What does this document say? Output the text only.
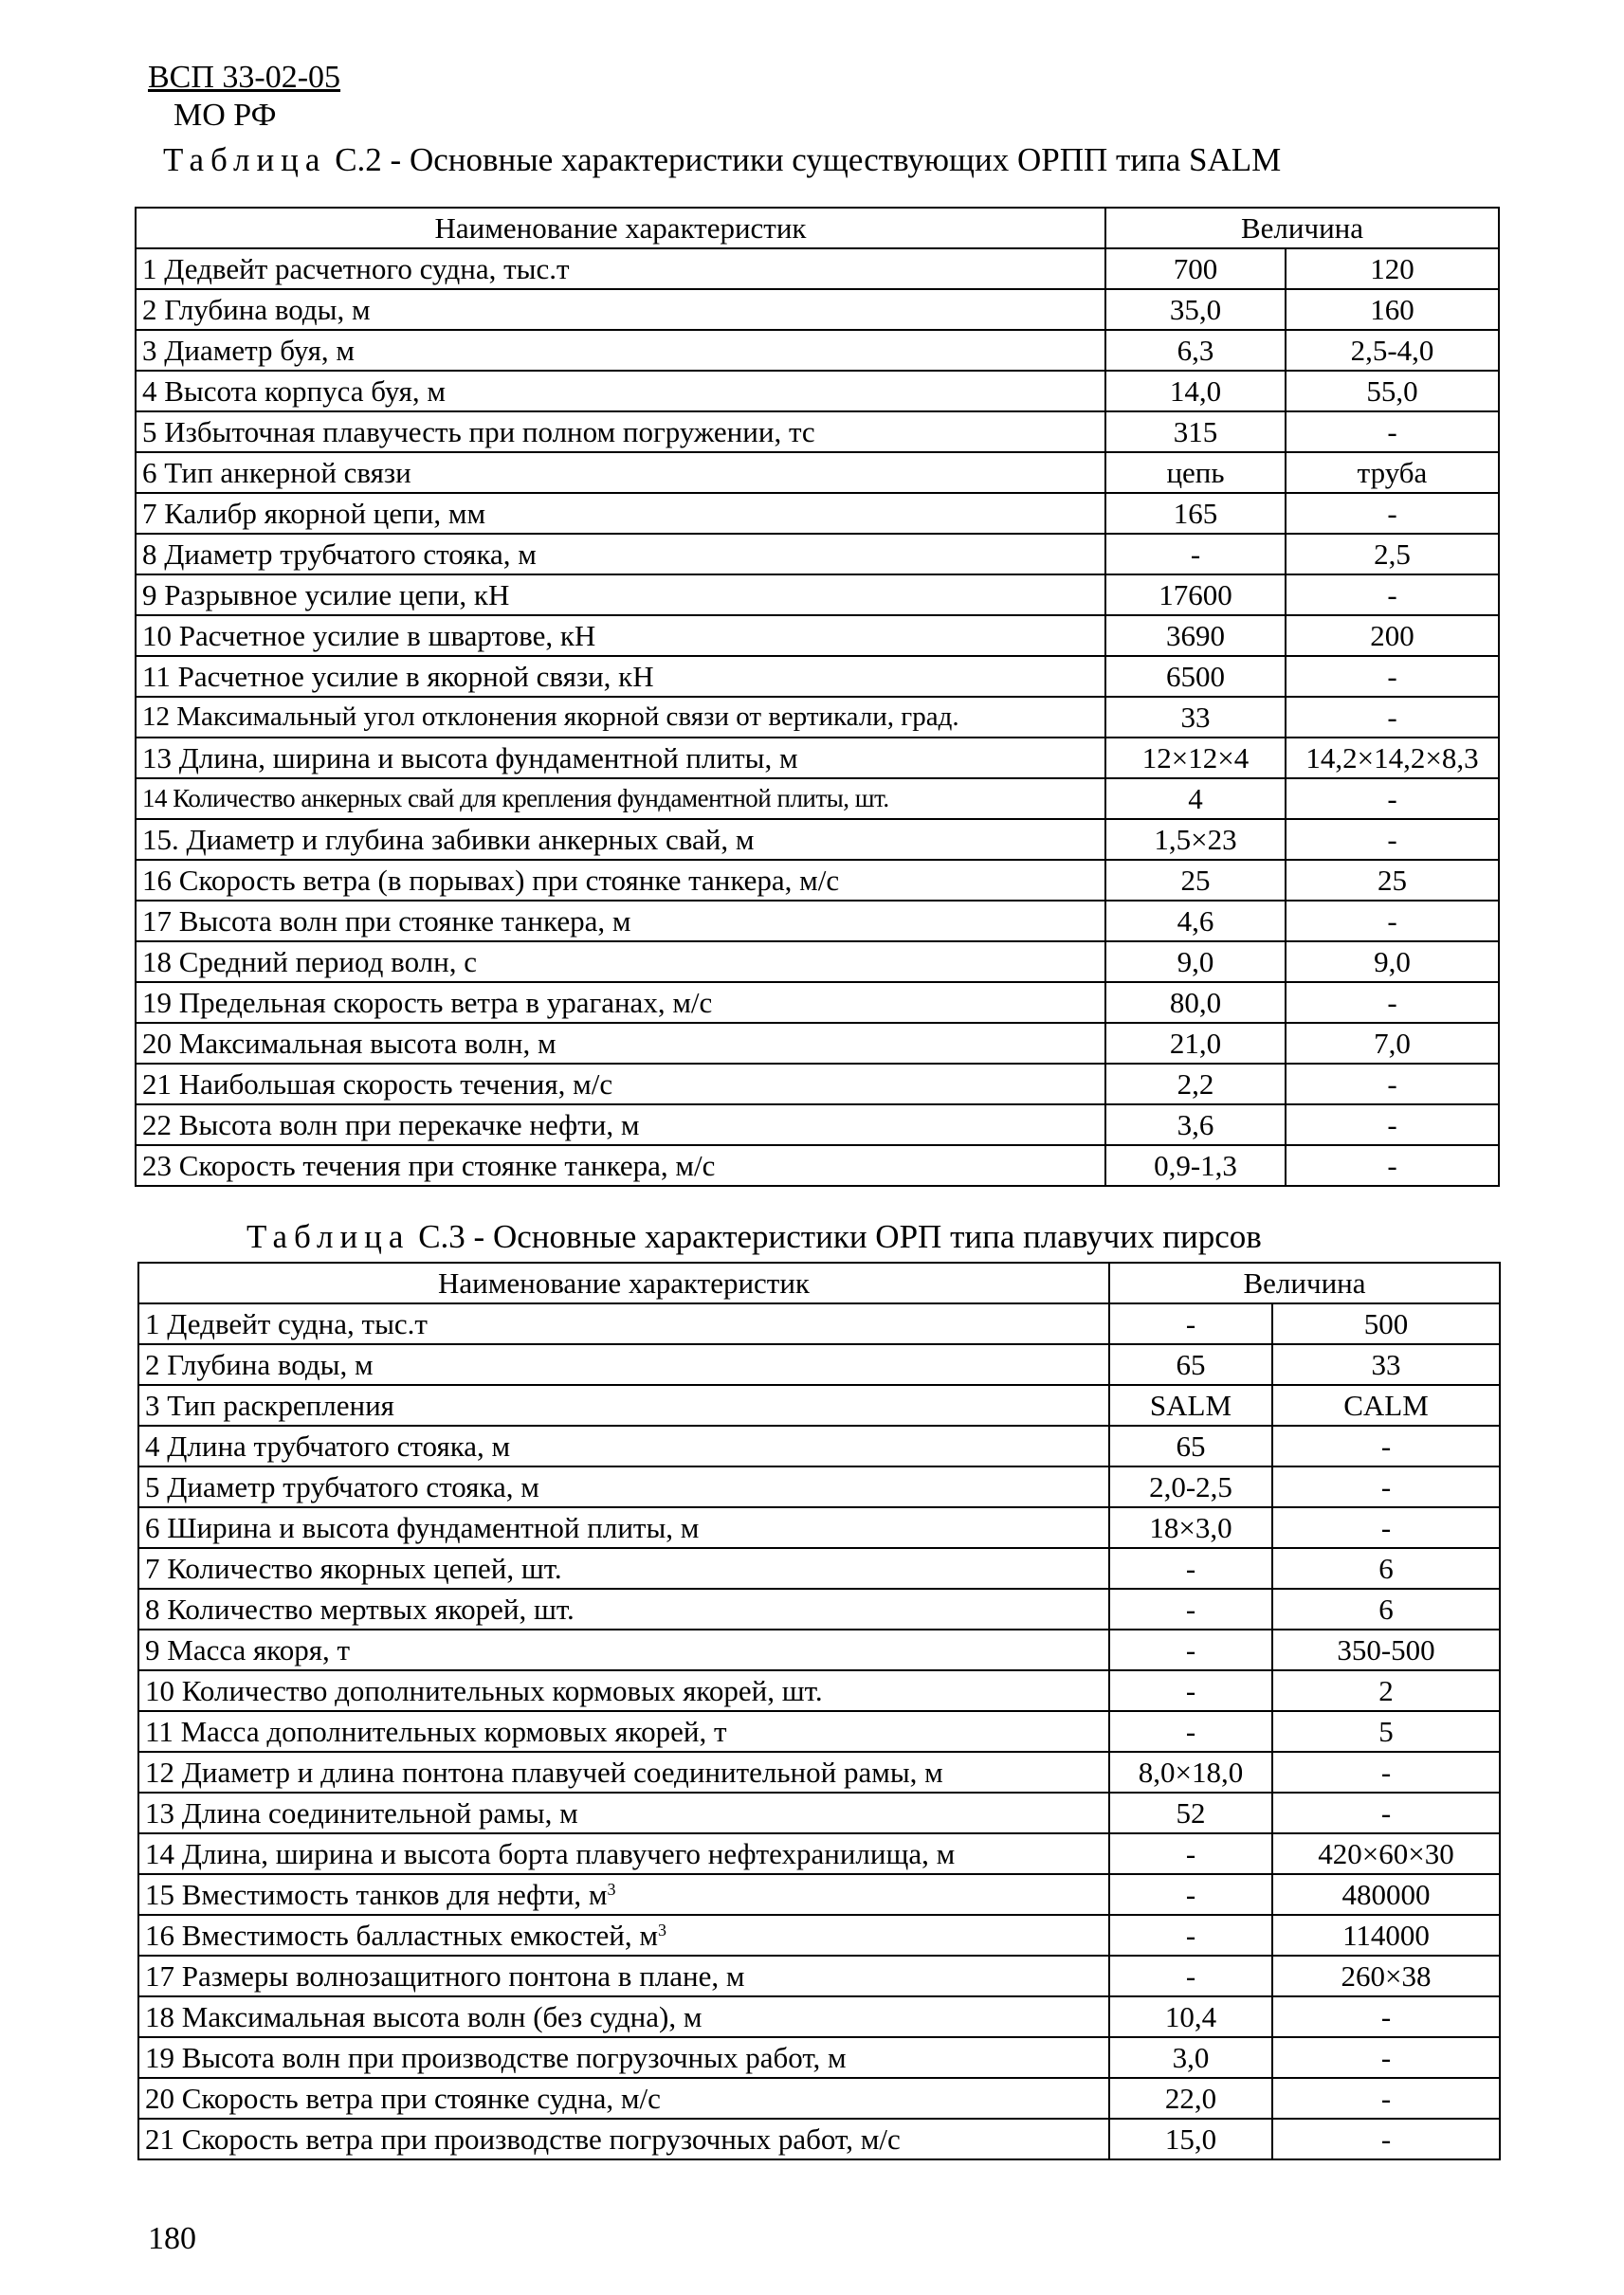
ВСП 33-02-05
МО РФ
Таблица С.2 - Основные характеристики существующих ОРПП типа SALM
Наименование характеристик	Величина	
1 Дедвейт расчетного судна, тыс.т	700	120
2 Глубина воды, м	35,0	160
3 Диаметр буя, м	6,3	2,5-4,0
4 Высота корпуса буя, м	14,0	55,0
5 Избыточная плавучесть при полном погружении, тс	315	-
6 Тип анкерной связи	цепь	труба
7 Калибр якорной цепи, мм	165	-
8 Диаметр трубчатого стояка, м	-	2,5
9 Разрывное усилие цепи, кН	17600	-
10 Расчетное усилие в швартове, кН	3690	200
11 Расчетное усилие в якорной связи, кН	6500	-
12 Максимальный угол отклонения якорной связи от вертикали, град.	33	-
13 Длина, ширина и высота фундаментной плиты, м	12×12×4	14,2×14,2×8,3
14 Количество анкерных свай для крепления фундаментной плиты, шт.	4	-
15. Диаметр и глубина забивки анкерных свай, м	1,5×23	-
16 Скорость ветра (в порывах) при стоянке танкера, м/с	25	25
17 Высота волн при стоянке танкера, м	4,6	-
18 Средний период волн, с	9,0	9,0
19 Предельная скорость ветра в ураганах, м/с	80,0	-
20 Максимальная высота волн, м	21,0	7,0
21 Наибольшая скорость течения, м/с	2,2	-
22 Высота волн при перекачке нефти, м	3,6	-
23 Скорость течения при стоянке танкера, м/с	0,9-1,3	-
Таблица С.3 - Основные характеристики ОРП типа плавучих пирсов
Наименование характеристик	Величина	
1 Дедвейт судна, тыс.т	-	500
2 Глубина воды, м	65	33
3 Тип раскрепления	SALM	CALM
4 Длина трубчатого стояка, м	65	-
5 Диаметр трубчатого стояка, м	2,0-2,5	-
6 Ширина и высота фундаментной плиты, м	18×3,0	-
7 Количество якорных цепей, шт.	-	6
8 Количество мертвых якорей, шт.	-	6
9 Масса якоря, т	-	350-500
10 Количество дополнительных кормовых якорей, шт.	-	2
11 Масса дополнительных кормовых якорей, т	-	5
12 Диаметр и длина понтона плавучей соединительной рамы, м	8,0×18,0	-
13 Длина соединительной рамы, м	52	-
14 Длина, ширина и высота борта плавучего нефтехранилища, м	-	420×60×30
15 Вместимость танков для нефти, $м^3$	-	480000
16 Вместимость балластных емкостей, $м^3$	-	114000
17 Размеры волнозащитного понтона в плане, м	-	260×38
18 Максимальная высота волн (без судна), м	10,4	-
19 Высота волн при производстве погрузочных работ, м	3,0	-
20 Скорость ветра при стоянке судна, м/с	22,0	-
21 Скорость ветра при производстве погрузочных работ, м/с	15,0	-
180
